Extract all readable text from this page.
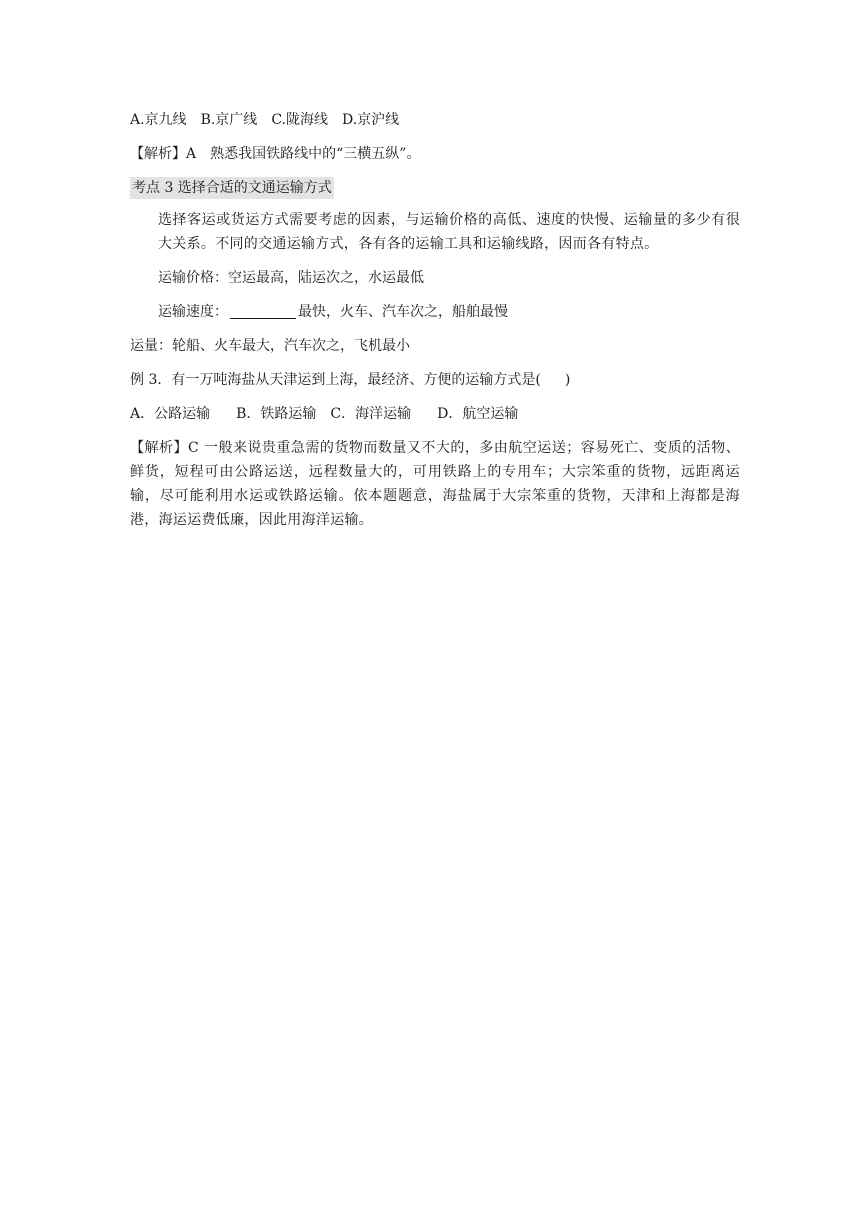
A.京九线 B.京广线 C.陇海线 D.京沪线
【解析】A 熟悉我国铁路线中的“三横五纵”。
考点 3 选择合适的文通运输方式
选择客运或货运方式需要考虑的因素，与运输价格的高低、速度的快慢、运输量的多少有很大关系。不同的交通运输方式，各有各的运输工具和运输线路，因而各有特点。
运输价格：空运最高，陆运次之，水运最低
运输速度：	最快，火车、汽车次之，船舶最慢
运量：轮船、火车最大，汽车次之，飞机最小
例 3．有一万吨海盐从天津运到上海，最经济、方便的运输方式是( )
A．公路运输 B．铁路运输 C．海洋运输 D．航空运输
【解析】C 一般来说贵重急需的货物而数量又不大的，多由航空运送；容易死亡、变质的活物、鲜货，短程可由公路运送，远程数量大的，可用铁路上的专用车；大宗笨重的货物，远距离运输，尽可能利用水运或铁路运输。依本题题意，海盐属于大宗笨重的货物，天津和上海都是海港，海运运费低廉，因此用海洋运输。
